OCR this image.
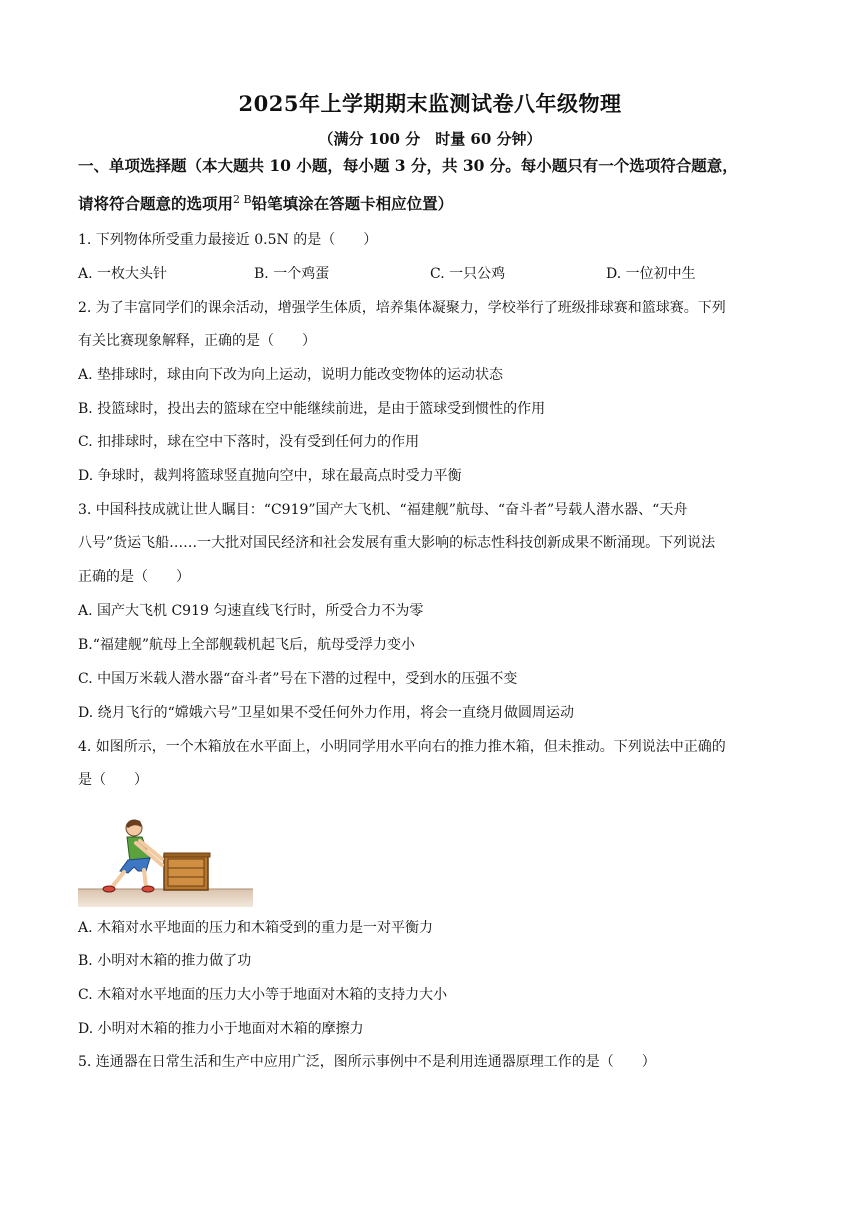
2025年上学期期末监测试卷八年级物理
（满分 100 分　时量 60 分钟）
一、单项选择题（本大题共 10 小题，每小题 3 分，共 30 分。每小题只有一个选项符合题意，
请将符合题意的选项用$^{2 B}$铅笔填涂在答题卡相应位置）
1. 下列物体所受重力最接近 0.5N 的是（　　）
A. 一枚大头针	B. 一个鸡蛋	C. 一只公鸡	D. 一位初中生
2. 为了丰富同学们的课余活动，增强学生体质，培养集体凝聚力，学校举行了班级排球赛和篮球赛。下列
有关比赛现象解释，正确的是（　　）
A. 垫排球时，球由向下改为向上运动，说明力能改变物体的运动状态
B. 投篮球时，投出去的篮球在空中能继续前进，是由于篮球受到惯性的作用
C. 扣排球时，球在空中下落时，没有受到任何力的作用
D. 争球时，裁判将篮球竖直抛向空中，球在最高点时受力平衡
3. 中国科技成就让世人瞩目：“C919”国产大飞机、“福建舰”航母、“奋斗者”号载人潜水器、“天舟
八号”货运飞船……一大批对国民经济和社会发展有重大影响的标志性科技创新成果不断涌现。下列说法
正确的是（　　）
A. 国产大飞机 C919 匀速直线飞行时，所受合力不为零
B.“福建舰”航母上全部舰载机起飞后，航母受浮力变小
C. 中国万米载人潜水器“奋斗者”号在下潜的过程中，受到水的压强不变
D. 绕月飞行的“嫦娥六号”卫星如果不受任何外力作用，将会一直绕月做圆周运动
4. 如图所示，一个木箱放在水平面上，小明同学用水平向右的推力推木箱，但未推动。下列说法中正确的
是（　　）
A. 木箱对水平地面的压力和木箱受到的重力是一对平衡力
B. 小明对木箱的推力做了功
C. 木箱对水平地面的压力大小等于地面对木箱的支持力大小
D. 小明对木箱的推力小于地面对木箱的摩擦力
5. 连通器在日常生活和生产中应用广泛，图所示事例中不是利用连通器原理工作的是（　　）
